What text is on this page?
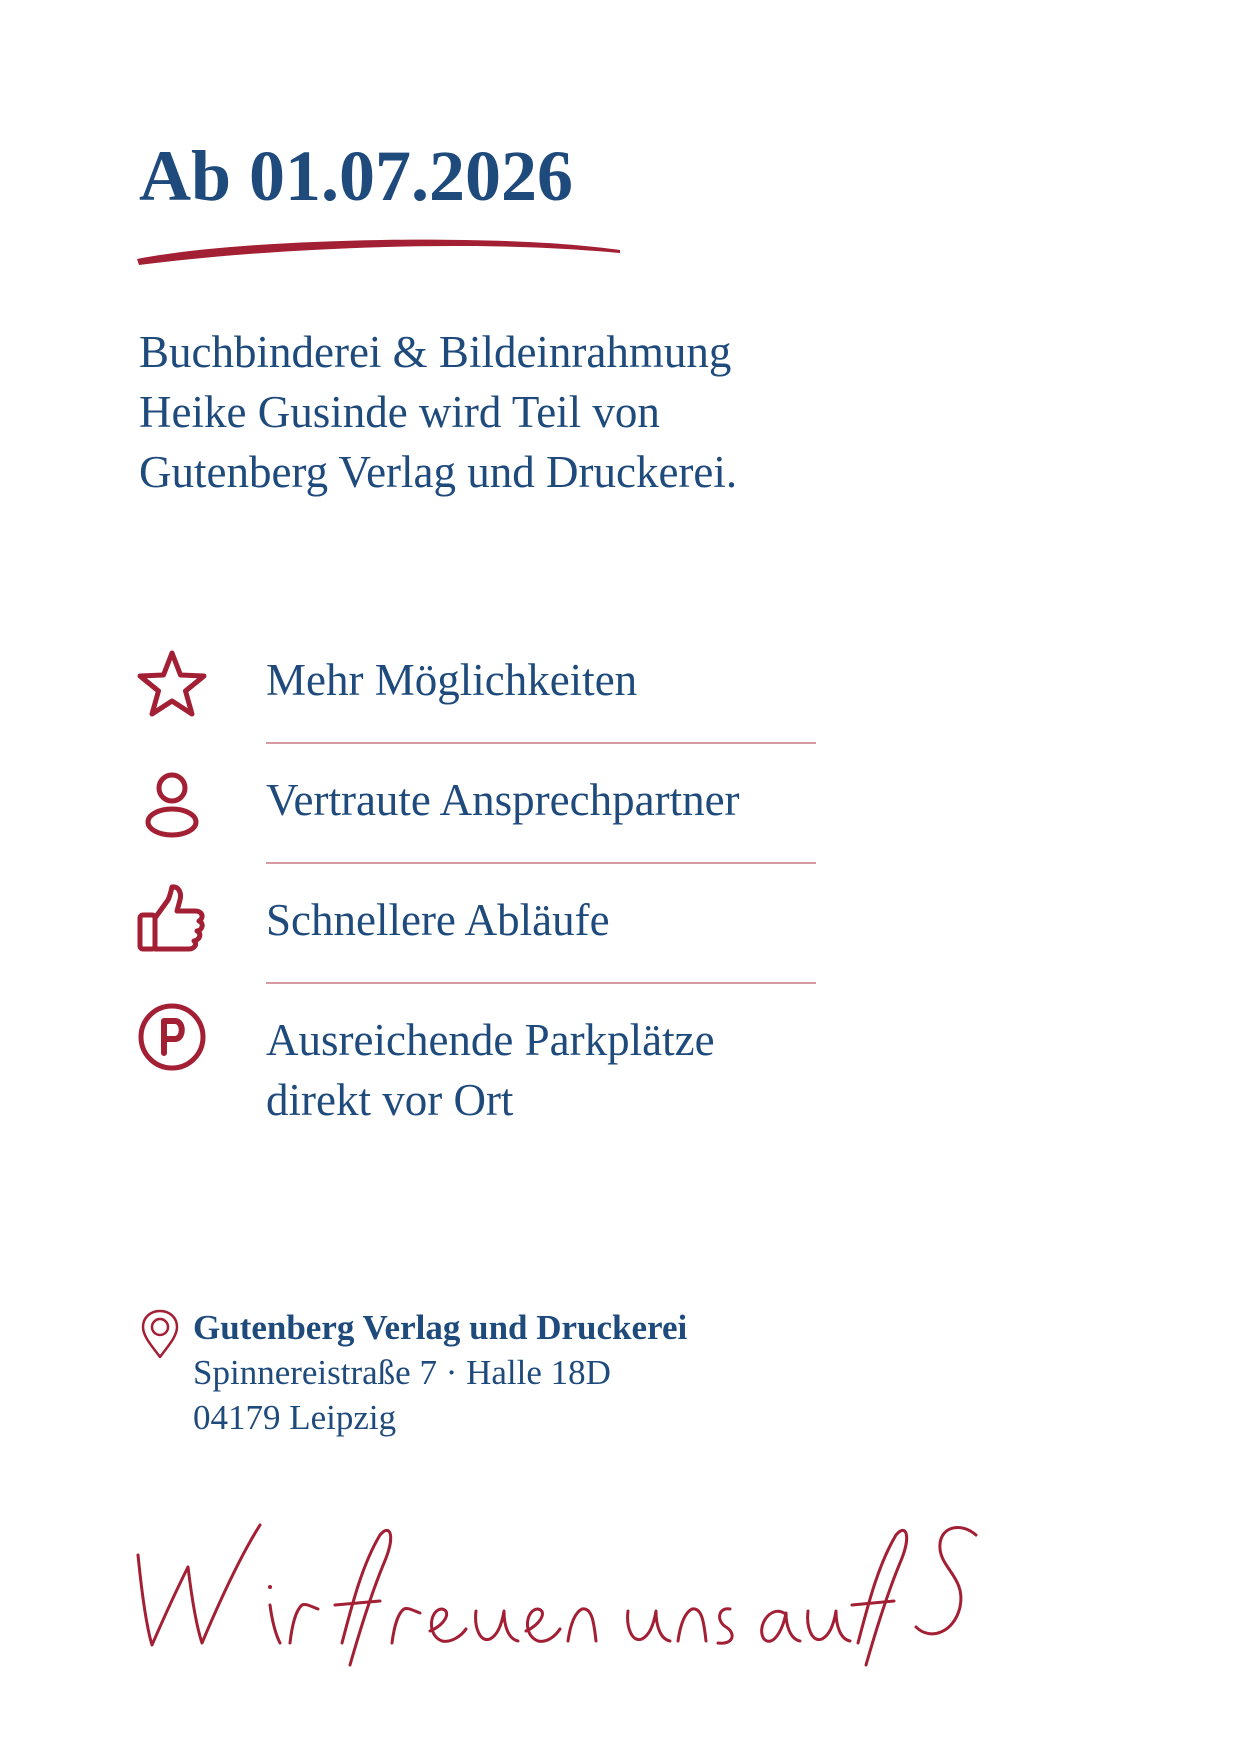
Ab 01.07.2026
Buchbinderei & Bildeinrahmung
Heike Gusinde wird Teil von
Gutenberg Verlag und Druckerei.
Mehr Möglichkeiten
Vertraute Ansprechpartner
Schnellere Abläufe
Ausreichende Parkplätze
direkt vor Ort
Gutenberg Verlag und Druckerei
Spinnereistraße 7 · Halle 18D
04179 Leipzig
